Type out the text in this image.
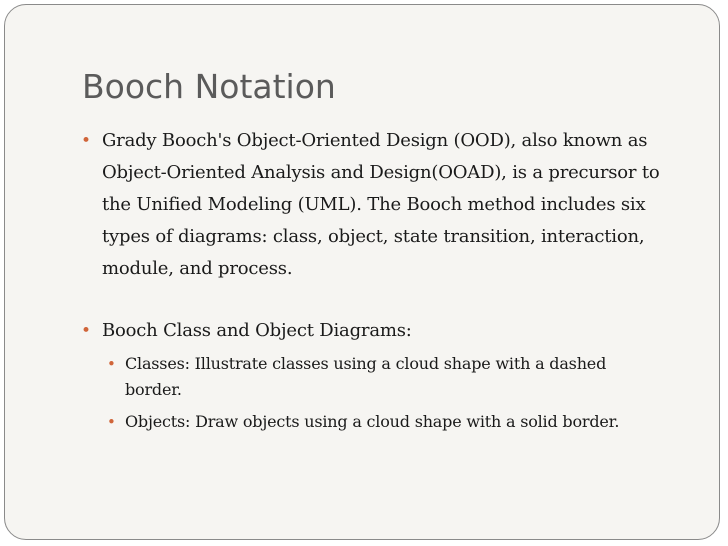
Booch Notation
• Grady Booch's Object-Oriented Design (OOD), also known as Object-Oriented Analysis and Design(OOAD), is a precursor to the Unified Modeling (UML). The Booch method includes six types of diagrams: class, object, state transition, interaction, module, and process.
• Booch Class and Object Diagrams:
• Classes: Illustrate classes using a cloud shape with a dashed border.
• Objects: Draw objects using a cloud shape with a solid border.
